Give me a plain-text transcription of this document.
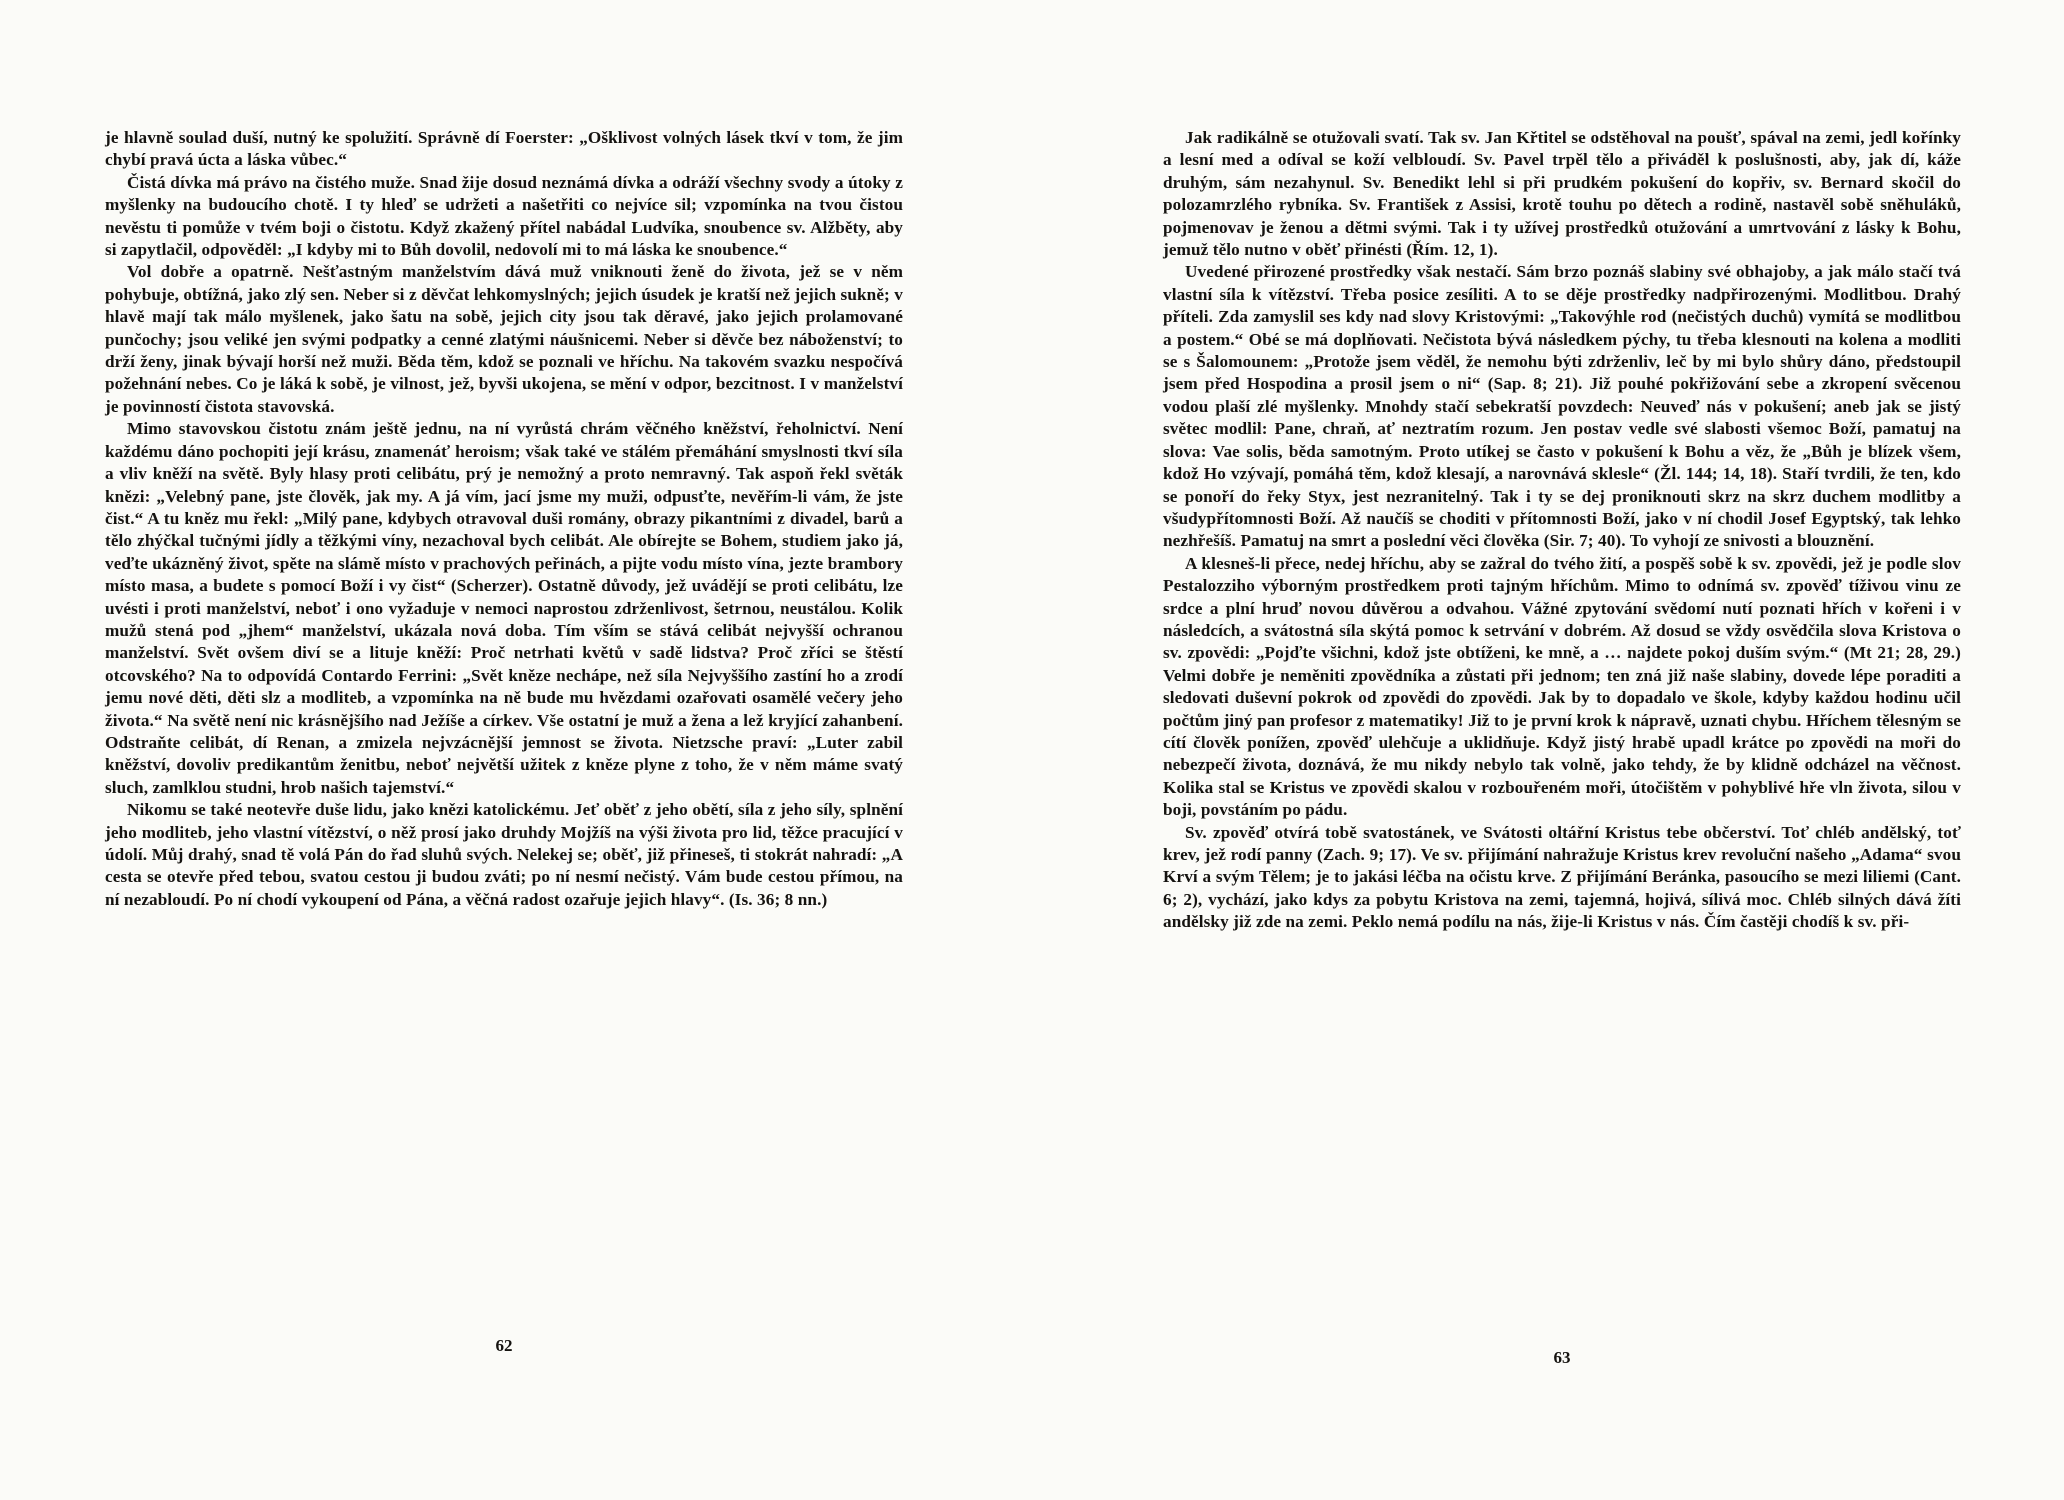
je hlavně soulad duší, nutný ke spolužití. Správně dí Foerster: „Ošklivost volných lásek tkví v tom, že jim chybí pravá úcta a láska vůbec.“

Čistá dívka má právo na čistého muže. Snad žije dosud neznámá dívka a odráží všechny svody a útoky z myšlenky na budoucího chotě. I ty hleď se udržeti a našetřiti co nejvíce sil; vzpomínka na tvou čistou nevěstu ti pomůže v tvém boji o čistotu. Když zkažený přítel nabádal Ludvíka, snoubence sv. Alžběty, aby si zapytlačil, odpověděl: „I kdyby mi to Bůh dovolil, nedovolí mi to má láska ke snoubence.“

Vol dobře a opatrně. Nešťastným manželstvím dává muž vniknouti ženě do života, jež se v něm pohybuje, obtížná, jako zlý sen. Neber si z děvčat lehkomyslných; jejich úsudek je kratší než jejich sukně; v hlavě mají tak málo myšlenek, jako šatu na sobě, jejich city jsou tak děravé, jako jejich prolamované punčochy; jsou veliké jen svými podpatky a cenné zlatými náušnicemi. Neber si děvče bez náboženství; to drží ženy, jinak bývají horší než muži. Běda těm, kdož se poznali ve hříchu. Na takovém svazku nespočívá požehnání nebes. Co je láká k sobě, je vilnost, jež, byvši ukojena, se mění v odpor, bezcitnost. I v manželství je povinností čistota stavovská.

Mimo stavovskou čistotu znám ještě jednu, na ní vyrůstá chrám věčného kněžství, řeholnictví. Není každému dáno pochopiti její krásu, znamenáť heroism; však také ve stálém přemáhání smyslnosti tkví síla a vliv kněží na světě. Byly hlasy proti celibátu, prý je nemožný a proto nemravný. Tak aspoň řekl světák knězi: „Velebný pane, jste člověk, jak my. A já vím, jací jsme my muži, odpusťte, nevěřím-li vám, že jste čist.“ A tu kněz mu řekl: „Milý pane, kdybych otravoval duši romány, obrazy pikantními z divadel, barů a tělo zhýčkal tučnými jídly a těžkými víny, nezachoval bych celibát. Ale obírejte se Bohem, studiem jako já, veďte ukázněný život, spěte na slámě místo v prachových peřinách, a pijte vodu místo vína, jezte brambory místo masa, a budete s pomocí Boží i vy čist“ (Scherzer). Ostatně důvody, jež uvádějí se proti celibátu, lze uvésti i proti manželství, neboť i ono vyžaduje v nemoci naprostou zdrženlivost, šetrnou, neustálou. Kolik mužů stená pod „jhem“ manželství, ukázala nová doba. Tím vším se stává celibát nejvyšší ochranou manželství. Svět ovšem diví se a lituje kněží: Proč netrhati květů v sadě lidstva? Proč zříci se štěstí otcovského? Na to odpovídá Contardo Ferrini: „Svět kněze nechápe, než síla Nejvyššího zastíní ho a zrodí jemu nové děti, děti slz a modliteb, a vzpomínka na ně bude mu hvězdami ozařovati osamělé večery jeho života.“ Na světě není nic krásnějšího nad Ježíše a církev. Vše ostatní je muž a žena a lež kryjící zahanbení. Odstraňte celibát, dí Renan, a zmizela nejvzácnější jemnost se života. Nietzsche praví: „Luter zabil kněžství, dovoliv predikantům ženitbu, neboť největší užitek z kněze plyne z toho, že v něm máme svatý sluch, zamlklou studni, hrob našich tajemství.“

Nikomu se také neotevře duše lidu, jako knězi katolickému. Jeť oběť z jeho obětí, síla z jeho síly, splnění jeho modliteb, jeho vlastní vítězství, o něž prosí jako druhdy Mojžíš na výši života pro lid, těžce pracující v údolí. Můj drahý, snad tě volá Pán do řad sluhů svých. Nelekej se; oběť, již přineseš, ti stokrát nahradí: „A cesta se otevře před tebou, svatou cestou ji budou zváti; po ní nesmí nečistý. Vám bude cestou přímou, na ní nezabloudí. Po ní chodí vykoupení od Pána, a věčná radost ozařuje jejich hlavy“. (Is. 36; 8 nn.)

62

Jak radikálně se otužovali svatí. Tak sv. Jan Křtitel se odstěhoval na poušť, spával na zemi, jedl kořínky a lesní med a odíval se koží velbloudí. Sv. Pavel trpěl tělo a přiváděl k poslušnosti, aby, jak dí, káže druhým, sám nezahynul. Sv. Benedikt lehl si při prudkém pokušení do kopřiv, sv. Bernard skočil do polozamrzlého rybníka. Sv. František z Assisi, krotě touhu po dětech a rodině, nastavěl sobě sněhuláků, pojmenovav je ženou a dětmi svými. Tak i ty užívej prostředků otužování a umrtvování z lásky k Bohu, jemuž tělo nutno v oběť přinésti (Řím. 12, 1).

Uvedené přirozené prostředky však nestačí. Sám brzo poznáš slabiny své obhajoby, a jak málo stačí tvá vlastní síla k vítězství. Třeba posice zesíliti. A to se děje prostředky nadpřirozenými. Modlitbou. Drahý příteli. Zda zamyslil ses kdy nad slovy Kristovými: „Takovýhle rod (nečistých duchů) vymítá se modlitbou a postem.“ Obé se má doplňovati. Nečistota bývá následkem pýchy, tu třeba klesnouti na kolena a modliti se s Šalomounem: „Protože jsem věděl, že nemohu býti zdrženliv, leč by mi bylo shůry dáno, předstoupil jsem před Hospodina a prosil jsem o ni“ (Sap. 8; 21). Již pouhé pokřižování sebe a zkropení svěcenou vodou plaší zlé myšlenky. Mnohdy stačí sebekratší povzdech: Neuveď nás v pokušení; aneb jak se jistý světec modlil: Pane, chraň, ať neztratím rozum. Jen postav vedle své slabosti všemoc Boží, pamatuj na slova: Vae solis, běda samotným. Proto utíkej se často v pokušení k Bohu a věz, že „Bůh je blízek všem, kdož Ho vzývají, pomáhá těm, kdož klesají, a narovnává sklesle“ (Žl. 144; 14, 18). Staří tvrdili, že ten, kdo se ponoří do řeky Styx, jest nezranitelný. Tak i ty se dej proniknouti skrz na skrz duchem modlitby a všudypřítomnosti Boží. Až naučíš se choditi v přítomnosti Boží, jako v ní chodil Josef Egyptský, tak lehko nezhřešíš. Pamatuj na smrt a poslední věci člověka (Sir. 7; 40). To vyhojí ze snivosti a blouznění.

A klesneš-li přece, nedej hříchu, aby se zažral do tvého žití, a pospěš sobě k sv. zpovědi, jež je podle slov Pestalozziho výborným prostředkem proti tajným hříchům. Mimo to odnímá sv. zpověď tíživou vinu ze srdce a plní hruď novou důvěrou a odvahou. Vážné zpytování svědomí nutí poznati hřích v kořeni i v následcích, a svátostná síla skýtá pomoc k setrvání v dobrém. Až dosud se vždy osvědčila slova Kristova o sv. zpovědi: „Pojďte všichni, kdož jste obtíženi, ke mně, a … najdete pokoj duším svým.“ (Mt 21; 28, 29.) Velmi dobře je neměniti zpovědníka a zůstati při jednom; ten zná již naše slabiny, dovede lépe poraditi a sledovati duševní pokrok od zpovědi do zpovědi. Jak by to dopadalo ve škole, kdyby každou hodinu učil počtům jiný pan profesor z matematiky! Již to je první krok k nápravě, uznati chybu. Hříchem tělesným se cítí člověk ponížen, zpověď ulehčuje a uklidňuje. Když jistý hrabě upadl krátce po zpovědi na moři do nebezpečí života, doznává, že mu nikdy nebylo tak volně, jako tehdy, že by klidně odcházel na věčnost. Kolika stal se Kristus ve zpovědi skalou v rozbouřeném moři, útočištěm v pohyblivé hře vln života, silou v boji, povstáním po pádu.

Sv. zpověď otvírá tobě svatostánek, ve Svátosti oltářní Kristus tebe občerství. Toť chléb andělský, toť krev, jež rodí panny (Zach. 9; 17). Ve sv. přijímání nahražuje Kristus krev revoluční našeho „Adama“ svou Krví a svým Tělem; je to jakási léčba na očistu krve. Z přijímání Beránka, pasoucího se mezi liliemi (Cant. 6; 2), vychází, jako kdys za pobytu Kristova na zemi, tajemná, hojivá, sílivá moc. Chléb silných dává žíti andělsky již zde na zemi. Peklo nemá podílu na nás, žije-li Kristus v nás. Čím častěji chodíš k sv. při-

63
